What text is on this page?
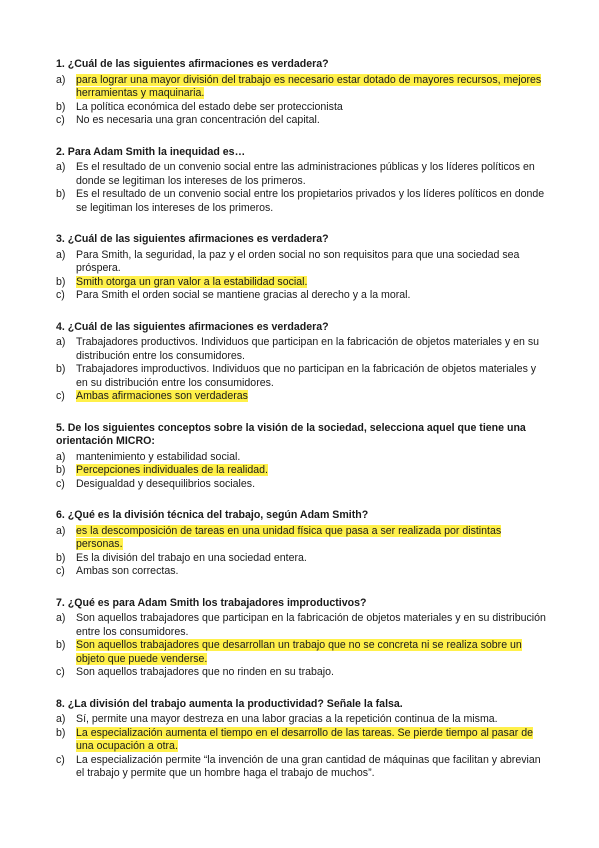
1. ¿Cuál de las siguientes afirmaciones es verdadera?
a) para lograr una mayor división del trabajo es necesario estar dotado de mayores recursos, mejores herramientas y maquinaria.
b) La política económica del estado debe ser proteccionista
c)	No es necesaria una gran concentración del capital.
2. Para Adam Smith la inequidad es…
a) Es el resultado de un convenio social entre las administraciones públicas y los líderes políticos en donde se legitiman los intereses de los primeros.
b) Es el resultado de un convenio social entre los propietarios privados y los líderes políticos en donde se legitiman los intereses de los primeros.
3. ¿Cuál de las siguientes afirmaciones es verdadera?
a) Para Smith, la seguridad, la paz y el orden social no son requisitos para que una sociedad sea próspera.
b) Smith otorga un gran valor a la estabilidad social.
c)	Para Smith el orden social se mantiene gracias al derecho y a la moral.
4. ¿Cuál de las siguientes afirmaciones es verdadera?
a) Trabajadores productivos. Individuos que participan en la fabricación de objetos materiales y en su distribución entre los consumidores.
b) Trabajadores improductivos. Individuos que no participan en la fabricación de objetos materiales y en su distribución entre los consumidores.
c)	Ambas afirmaciones son verdaderas
5. De los siguientes conceptos sobre la visión de la sociedad, selecciona aquel que tiene una orientación MICRO:
a) mantenimiento y estabilidad social.
b) Percepciones individuales de la realidad.
c)	Desigualdad y desequilibrios sociales.
6. ¿Qué es la división técnica del trabajo, según Adam Smith?
a) es la descomposición de tareas en una unidad física que pasa a ser realizada por distintas personas.
b) Es la división del trabajo en una sociedad entera.
c)	Ambas son correctas.
7. ¿Qué es para Adam Smith los trabajadores improductivos?
a) Son aquellos trabajadores que participan en la fabricación de objetos materiales y en su distribución entre los consumidores.
b) Son aquellos trabajadores que desarrollan un trabajo que no se concreta ni se realiza sobre un objeto que puede venderse.
c)	Son aquellos trabajadores que no rinden en su trabajo.
8. ¿La división del trabajo aumenta la productividad? Señale la falsa.
a) Sí, permite una mayor destreza en una labor gracias a la repetición continua de la misma.
b) La especialización aumenta el tiempo en el desarrollo de las tareas. Se pierde tiempo al pasar de una ocupación a otra.
c)	La especialización permite “la invención de una gran cantidad de máquinas que facilitan y abrevian el trabajo y permite que un hombre haga el trabajo de muchos”.
